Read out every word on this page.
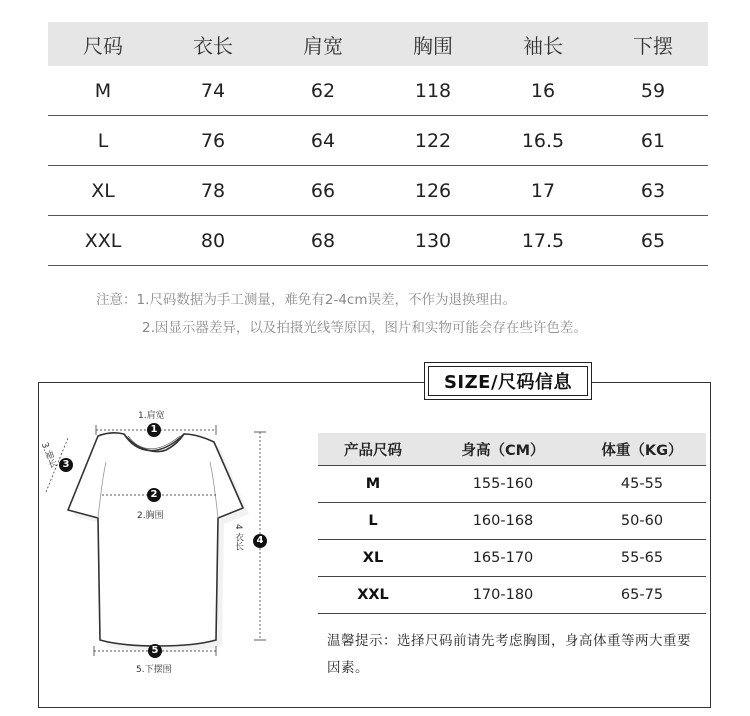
尺码	衣长	肩宽	胸围	袖长	下摆
M	74	62	118	16	59
L	76	64	122	16.5	61
XL	78	66	126	17	63
XXL	80	68	130	17.5	65
注意：1.尺码数据为手工测量，难免有2-4cm误差，不作为退换理由。
2.因显示器差异，以及拍摄光线等原因，图片和实物可能会存在些许色差。
SIZE/尺码信息
1.肩宽
1
2
2.胸围
3.袖长 3
4 衣长	4
5
5.下摆围
产品尺码	身高（CM）	体重（KG）
M	155-160	45-55
L	160-168	50-60
XL	165-170	55-65
XXL	170-180	65-75
温馨提示：选择尺码前请先考虑胸围，身高体重等两大重要因素。
